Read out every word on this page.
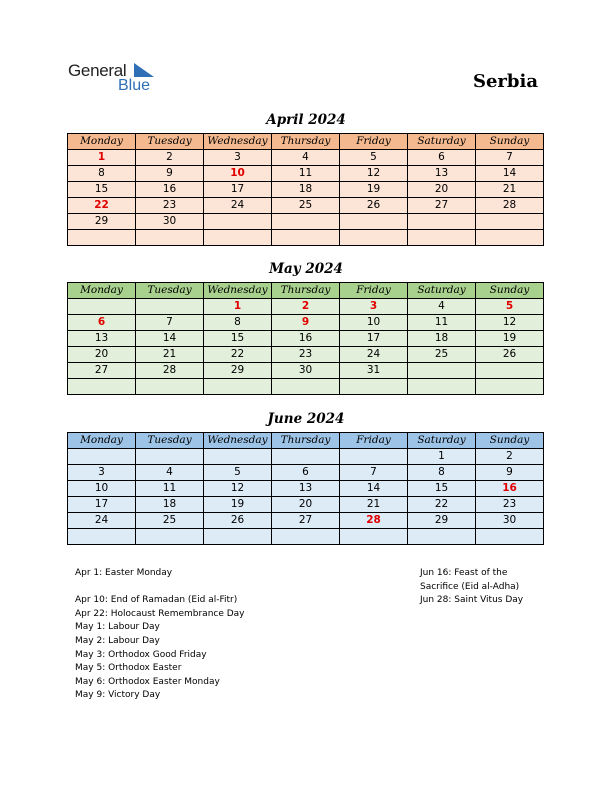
General
Blue	Serbia
April 2024
Monday	Tuesday	Wednesday	Thursday	Friday	Saturday	Sunday
1	2	3	4	5	6	7
8	9	10	11	12	13	14
15	16	17	18	19	20	21
22	23	24	25	26	27	28
29	30					

May 2024
Monday	Tuesday	Wednesday	Thursday	Friday	Saturday	Sunday
		1	2	3	4	5
6	7	8	9	10	11	12
13	14	15	16	17	18	19
20	21	22	23	24	25	26
27	28	29	30	31		

June 2024
Monday	Tuesday	Wednesday	Thursday	Friday	Saturday	Sunday
					1	2
3	4	5	6	7	8	9
10	11	12	13	14	15	16
17	18	19	20	21	22	23
24	25	26	27	28	29	30

Apr 1: Easter Monday

Apr 10: End of Ramadan (Eid al-Fitr)
Apr 22: Holocaust Remembrance Day
May 1: Labour Day
May 2: Labour Day
May 3: Orthodox Good Friday
May 5: Orthodox Easter
May 6: Orthodox Easter Monday
May 9: Victory Day
Jun 16: Feast of the
Sacrifice (Eid al-Adha)
Jun 28: Saint Vitus Day
